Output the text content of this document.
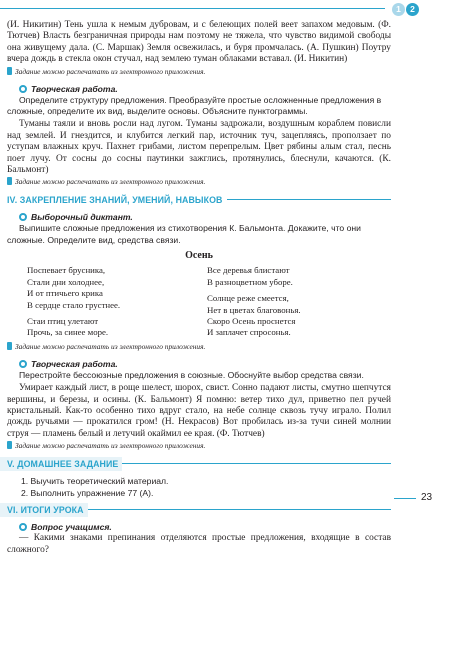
1	2

(И. Никитин) Тень ушла к немым дубровам, и с белеющих полей веет запахом медовым. (Ф. Тютчев) Власть безграничная природы нам поэтому не тяжела, что чувство видимой свободы она живущему дала. (С. Маршак) Земля освежилась, и буря промчалась. (А. Пушкин) Поутру вчера дождь в стекла окон стучал, над землею туман облаками вставал. (И. Никитин)

Задание можно распечатать из электронного приложения.
Творческая работа.

Определите структуру предложения. Преобразуйте простые осложненные предложения в сложные, определите их вид, выделите основы. Объясните пунктограммы.

Туманы таяли и вновь росли над лугом. Туманы задрожали, воздушным кораблем повисли над землей. И гнездится, и клубится легкий пар, источник туч, зацепляясь, проползает по уступам влажных круч. Пахнет грибами, листом перепрелым. Цвет рябины алым стал, песнь поет лучу. От сосны до сосны паутинки зажглись, протянулись, блеснули, качаются. (К. Бальмонт)

Задание можно распечатать из электронного приложения.
IV. ЗАКРЕПЛЕНИЕ ЗНАНИЙ, УМЕНИЙ, НАВЫКОВ
Выборочный диктант.

Выпишите сложные предложения из стихотворения К. Бальмонта. Докажите, что они сложные. Определите вид, средства связи.

Осень
Поспевает брусника,
Стали дни холоднее,
И от птичьего крика
В сердце стало грустнее.
Стаи птиц улетают
Прочь, за синее море.
Все деревья блистают
В разноцветном уборе.
Солнце реже смеется,
Нет в цветах благовонья.
Скоро Осень проснется
И заплачет спросонья.
Задание можно распечатать из электронного приложения.
Творческая работа.

Перестройте бессоюзные предложения в союзные. Обоснуйте выбор средства связи.

Умирает каждый лист, в роще шелест, шорох, свист. Сонно падают листы, смутно шепчутся вершины, и березы, и осины. (К. Бальмонт) Я помню: ветер тихо дул, приветно пел ручей кристальный. Как-то особенно тихо вдруг стало, на небе солнце сквозь тучу играло. Полил дождь ручьями — прокатился гром! (Н. Некрасов) Вот пробилась из-за тучи синей молнии струя — пламень белый и летучий окаймил ее края. (Ф. Тютчев)

Задание можно распечатать из электронного приложения.
V. ДОМАШНЕЕ ЗАДАНИЕ
1. Выучить теоретический материал.
2. Выполнить упражнение 77 (А).
VI. ИТОГИ УРОКА
Вопрос учащимся.

— Какими знаками препинания отделяются простые предложения, входящие в состав сложного?

23
